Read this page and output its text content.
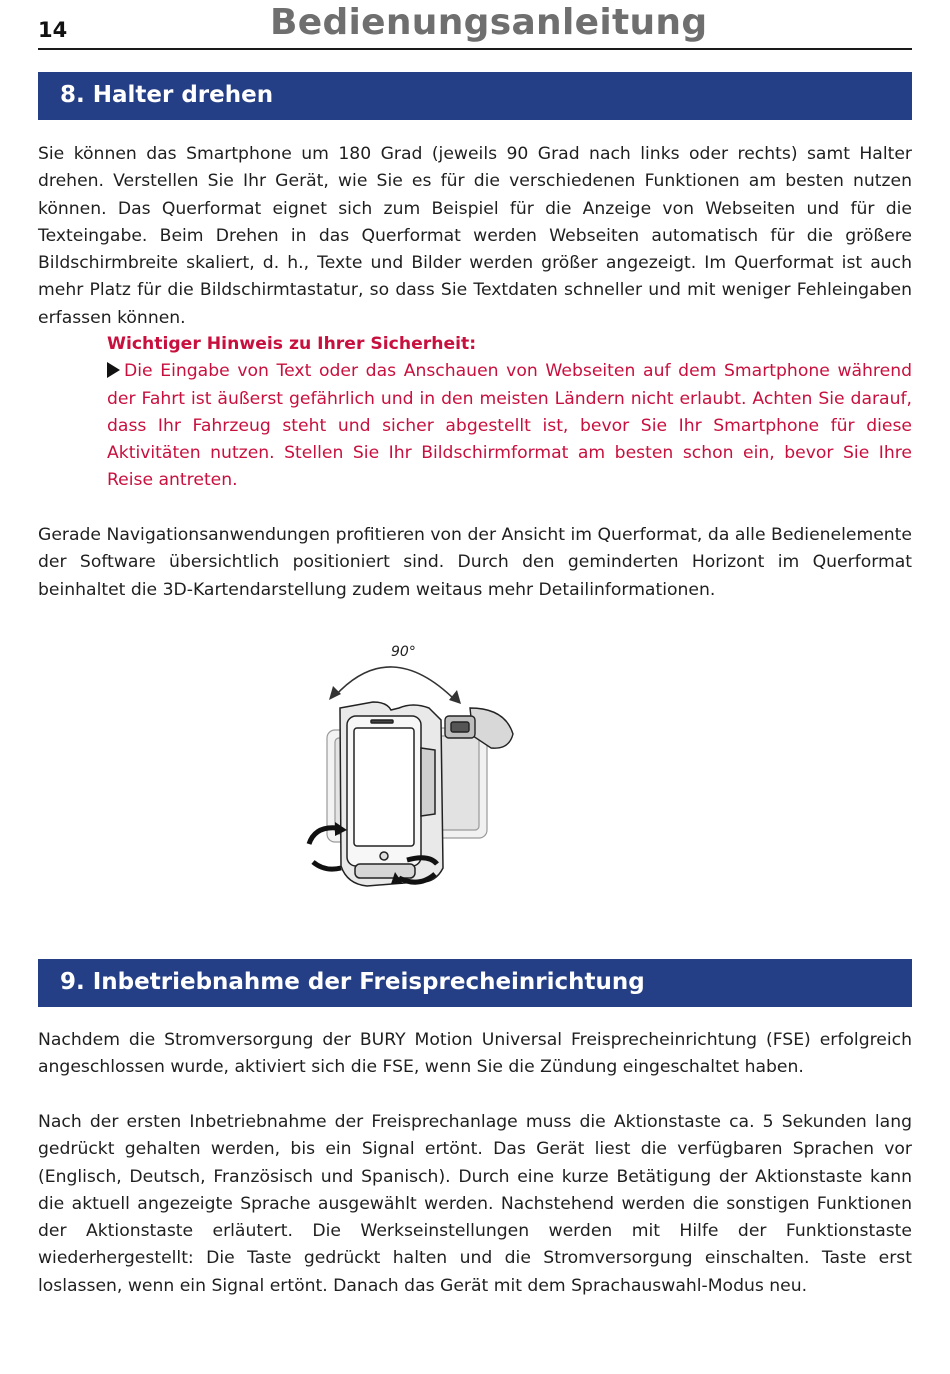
14	Bedienungsanleitung
8. Halter drehen
Sie können das Smartphone um 180 Grad (jeweils 90 Grad nach links oder rechts) samt Halter drehen. Verstellen Sie Ihr Gerät, wie Sie es für die verschiedenen Funktionen am besten nutzen können. Das Querformat eignet sich zum Beispiel für die Anzeige von Webseiten und für die Texteingabe. Beim Drehen in das Querformat werden Webseiten automatisch für die größere Bildschirmbreite skaliert, d. h., Texte und Bilder werden größer angezeigt. Im Querformat ist auch mehr Platz für die Bildschirmtastatur, so dass Sie Textdaten schneller und mit weniger Fehleingaben erfassen können.
Wichtiger Hinweis zu Ihrer Sicherheit:
Die Eingabe von Text oder das Anschauen von Webseiten auf dem Smartphone während der Fahrt ist äußerst gefährlich und in den meisten Ländern nicht erlaubt. Achten Sie darauf, dass Ihr Fahrzeug steht und sicher abgestellt ist, bevor Sie Ihr Smartphone für diese Aktivitäten nutzen. Stellen Sie Ihr Bildschirmformat am besten schon ein, bevor Sie Ihre Reise antreten.
Gerade Navigationsanwendungen profitieren von der Ansicht im Querformat, da alle Bedienelemente der Software übersichtlich positioniert sind. Durch den geminderten Horizont im Querformat beinhaltet die 3D-Kartendarstellung zudem weitaus mehr Detailinformationen.
90°
9. Inbetriebnahme der Freisprecheinrichtung
Nachdem die Stromversorgung der BURY Motion Universal Freisprecheinrichtung (FSE) erfolgreich angeschlossen wurde, aktiviert sich die FSE, wenn Sie die Zündung eingeschaltet haben.
Nach der ersten Inbetriebnahme der Freisprechanlage muss die Aktionstaste ca. 5 Sekunden lang gedrückt gehalten werden, bis ein Signal ertönt. Das Gerät liest die verfügbaren Sprachen vor (Englisch, Deutsch, Französisch und Spanisch). Durch eine kurze Betätigung der Aktionstaste kann die aktuell angezeigte Sprache ausgewählt werden. Nachstehend werden die sonstigen Funktionen der Aktionstaste erläutert. Die Werkseinstellungen werden mit Hilfe der Funktionstaste wiederhergestellt: Die Taste gedrückt halten und die Stromversorgung einschalten. Taste erst loslassen, wenn ein Signal ertönt. Danach das Gerät mit dem Sprachauswahl-Modus neu.
